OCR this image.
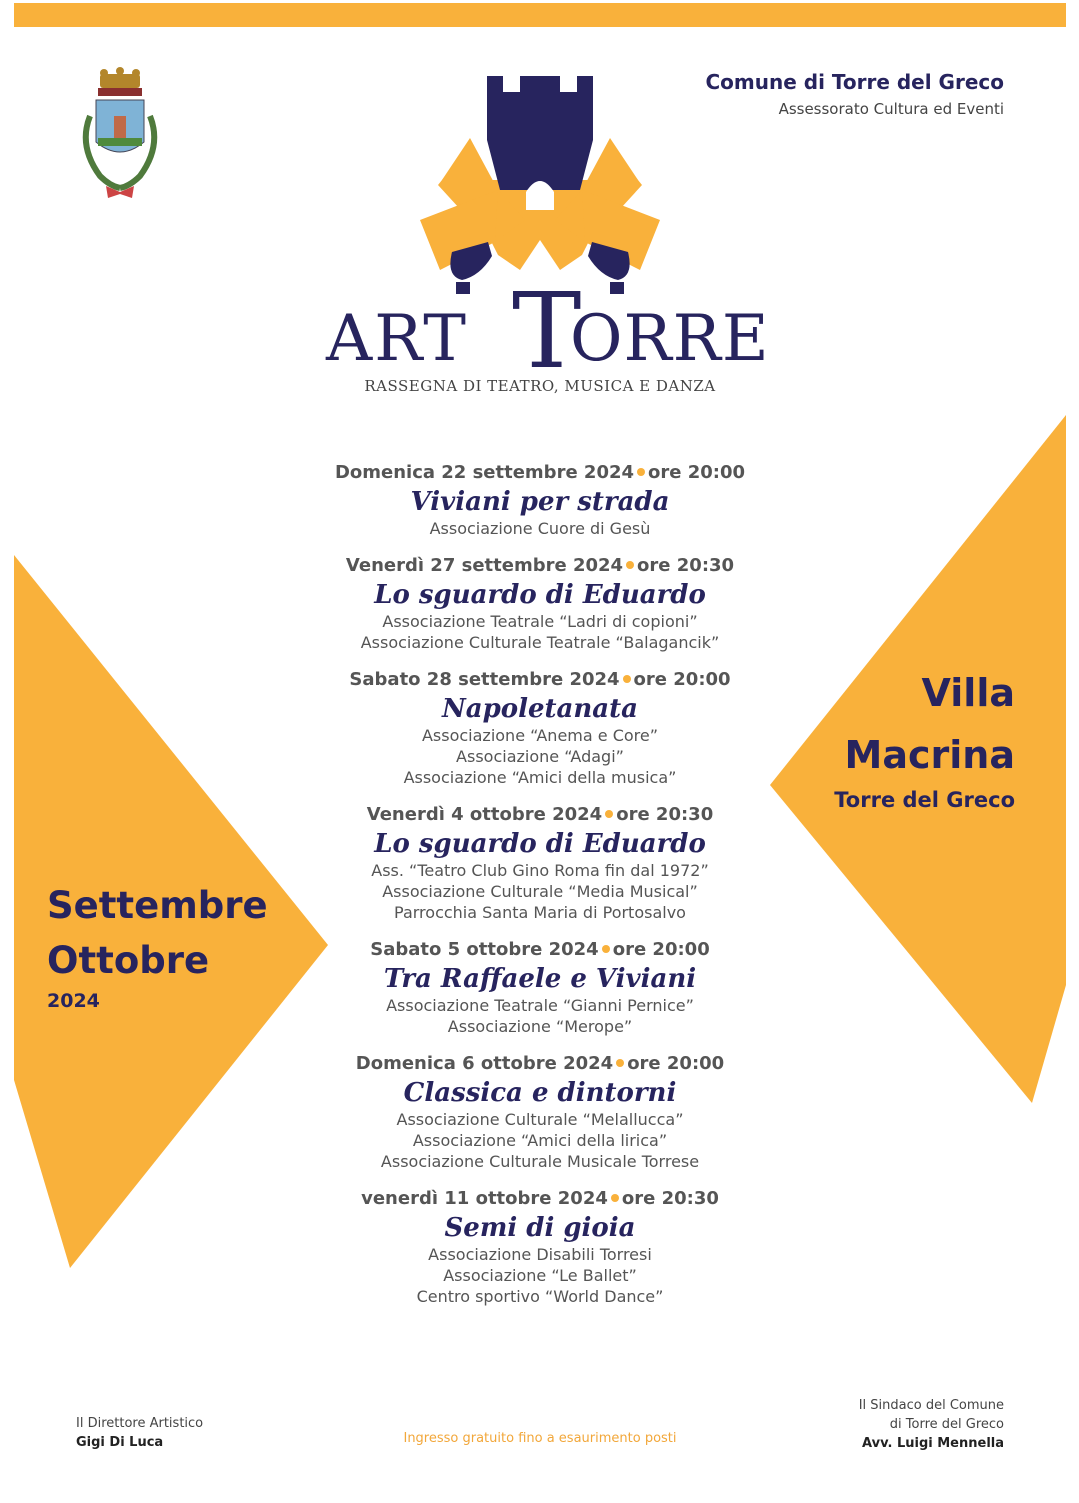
ART T
ORRE
RASSEGNA DI TEATRO, MUSICA E DANZA
Comune di Torre del Greco
Assessorato Cultura ed Eventi
Domenica 22 settembre 2024 ore 20:00
Viviani per strada
Associazione Cuore di Gesù
Venerdì 27 settembre 2024 ore 20:30
Lo sguardo di Eduardo
Associazione Teatrale “Ladri di copioni”
Associazione Culturale Teatrale “Balagancik”
Sabato 28 settembre 2024 ore 20:00
Napoletanata
Associazione “Anema e Core”
Associazione “Adagi”
Associazione “Amici della musica”
Venerdì 4 ottobre 2024 ore 20:30
Lo sguardo di Eduardo
Ass. “Teatro Club Gino Roma fin dal 1972”
Associazione Culturale “Media Musical”
Parrocchia Santa Maria di Portosalvo
Sabato 5 ottobre 2024 ore 20:00
Tra Raffaele e Viviani
Associazione Teatrale “Gianni Pernice”
Associazione “Merope”
Domenica 6 ottobre 2024 ore 20:00
Classica e dintorni
Associazione Culturale “Melallucca”
Associazione “Amici della lirica”
Associazione Culturale Musicale Torrese
venerdì 11 ottobre 2024 ore 20:30
Semi di gioia
Associazione Disabili Torresi
Associazione “Le Ballet”
Centro sportivo “World Dance”
Settembre
Ottobre
2024
Villa
Macrina
Torre del Greco
Il Direttore Artistico
Gigi Di Luca	Ingresso gratuito fino a esaurimento posti
Il Sindaco del Comune
di Torre del Greco
Avv. Luigi Mennella
